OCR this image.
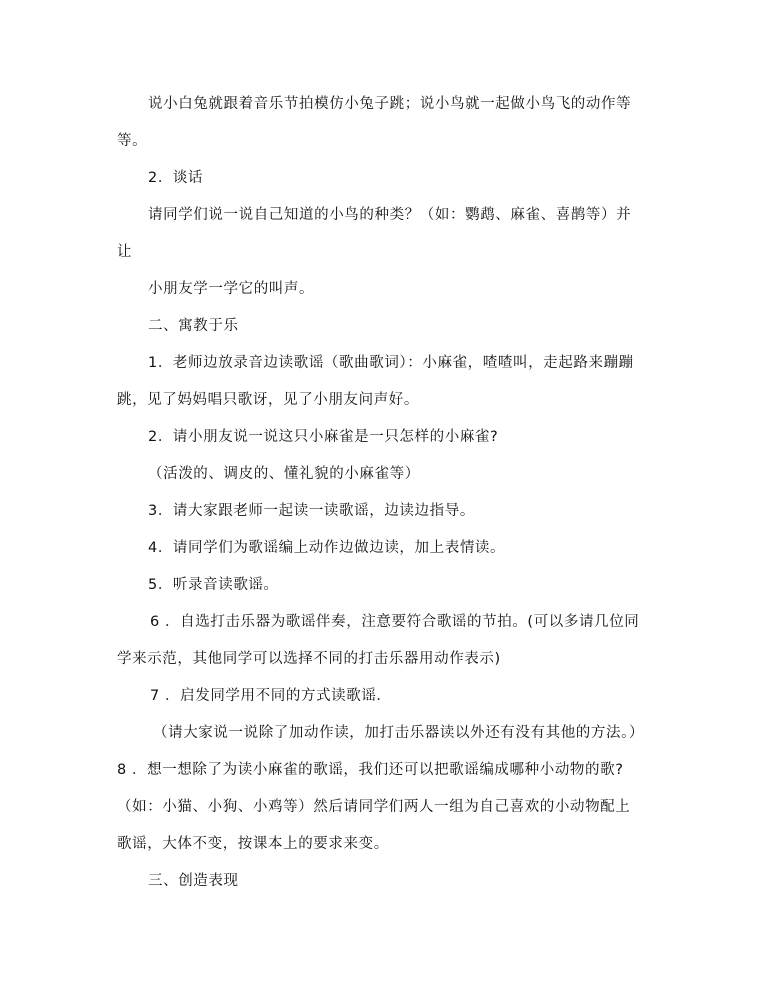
说小白兔就跟着音乐节拍模仿小兔子跳；说小鸟就一起做小鸟飞的动作等
等。
2．谈话
请同学们说一说自己知道的小鸟的种类？（如：鹦鹉、麻雀、喜鹊等）并
让
小朋友学一学它的叫声。
二、寓教于乐
1．老师边放录音边读歌谣（歌曲歌词）：小麻雀，喳喳叫，走起路来蹦蹦
跳，见了妈妈唱只歌讶，见了小朋友问声好。
2．请小朋友说一说这只小麻雀是一只怎样的小麻雀?
（活泼的、调皮的、懂礼貌的小麻雀等）
3．请大家跟老师一起读一读歌谣，边读边指导。
4．请同学们为歌谣编上动作边做边读，加上表情读。
5．听录音读歌谣。
6 ．自选打击乐器为歌谣伴奏，注意要符合歌谣的节拍。(可以多请几位同
学来示范，其他同学可以选择不同的打击乐器用动作表示)
7 ．启发同学用不同的方式读歌谣．
（请大家说一说除了加动作读，加打击乐器读以外还有没有其他的方法。）
8 ．想一想除了为读小麻雀的歌谣，我们还可以把歌谣编成哪种小动物的歌?
（如：小猫、小狗、小鸡等）然后请同学们两人一组为自己喜欢的小动物配上
歌谣，大体不变，按课本上的要求来变。
三、创造表现
